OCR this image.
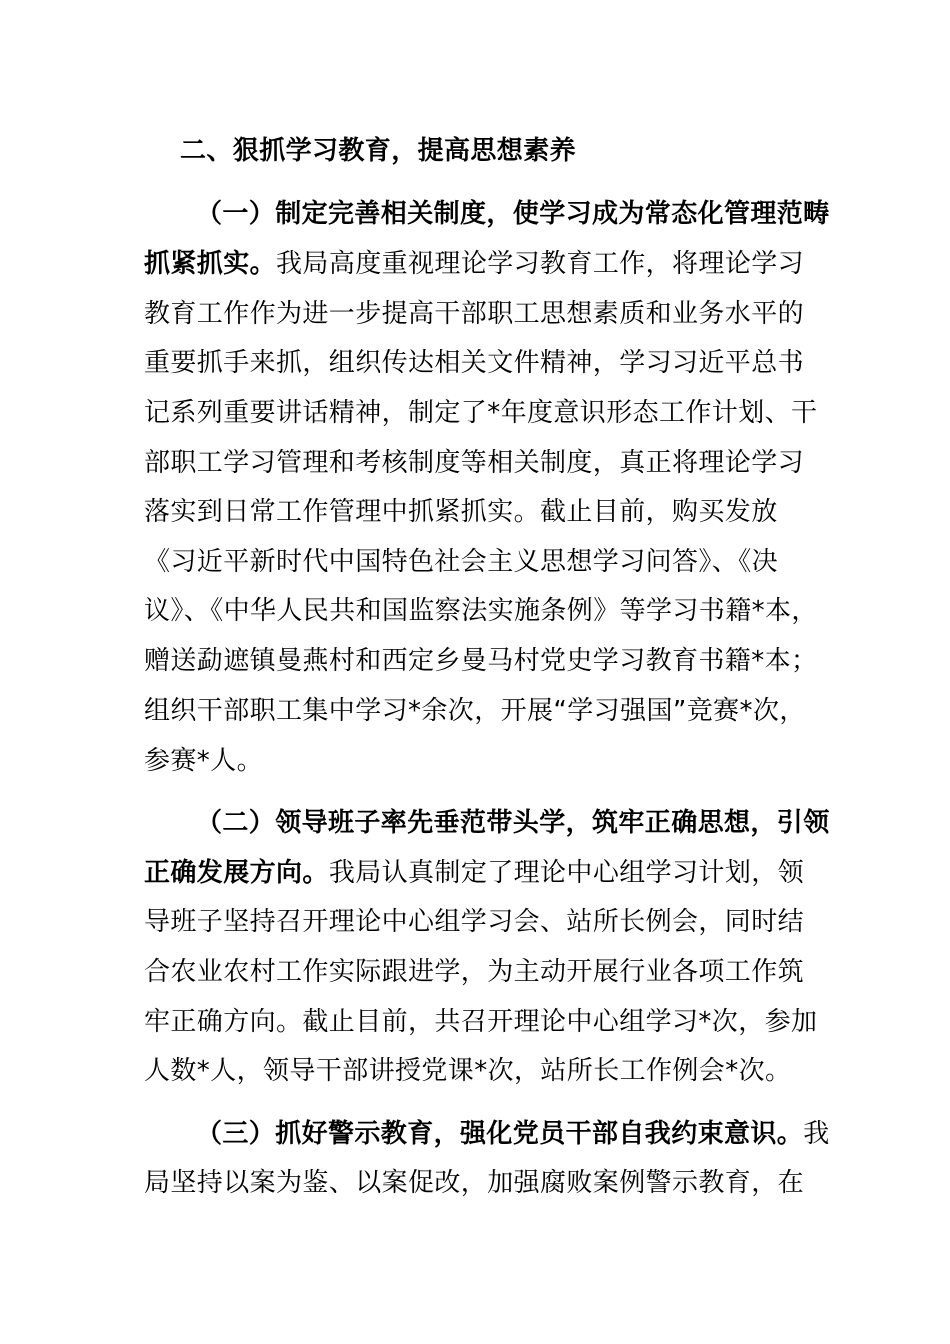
二、狠抓学习教育，提高思想素养
（一）制定完善相关制度，使学习成为常态化管理范畴
抓紧抓实。我局高度重视理论学习教育工作，将理论学习
教育工作作为进一步提高干部职工思想素质和业务水平的
重要抓手来抓，组织传达相关文件精神，学习习近平总书
记系列重要讲话精神，制定了*年度意识形态工作计划、干
部职工学习管理和考核制度等相关制度，真正将理论学习
落实到日常工作管理中抓紧抓实。截止目前，购买发放
《习近平新时代中国特色社会主义思想学习问答》、《决
议》、《中华人民共和国监察法实施条例》等学习书籍*本，
赠送勐遮镇曼燕村和西定乡曼马村党史学习教育书籍*本；
组织干部职工集中学习*余次，开展“学习强国”竞赛*次，
参赛*人。
（二）领导班子率先垂范带头学，筑牢正确思想，引领
正确发展方向。我局认真制定了理论中心组学习计划，领
导班子坚持召开理论中心组学习会、站所长例会，同时结
合农业农村工作实际跟进学，为主动开展行业各项工作筑
牢正确方向。截止目前，共召开理论中心组学习*次，参加
人数*人，领导干部讲授党课*次，站所长工作例会*次。
（三）抓好警示教育，强化党员干部自我约束意识。我
局坚持以案为鉴、以案促改，加强腐败案例警示教育，在
